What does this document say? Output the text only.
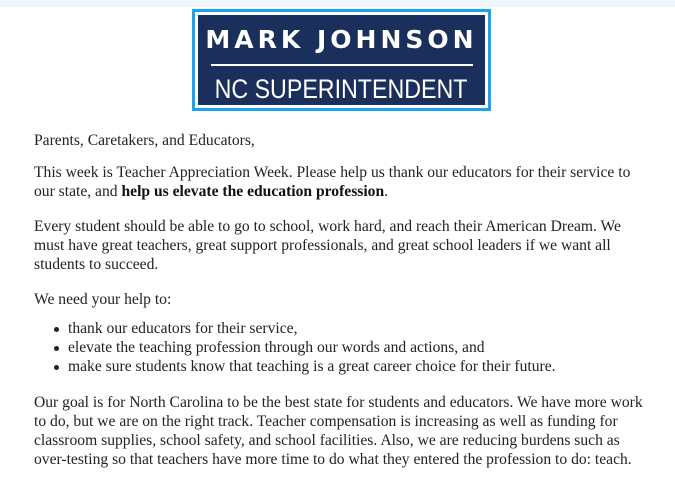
MARK JOHNSON
NC SUPERINTENDENT

Parents, Caretakers, and Educators,

This week is Teacher Appreciation Week. Please help us thank our educators for their service to our state, and help us elevate the education profession.

Every student should be able to go to school, work hard, and reach their American Dream. We must have great teachers, great support professionals, and great school leaders if we want all students to succeed.

We need your help to:

thank our educators for their service,
elevate the teaching profession through our words and actions, and
make sure students know that teaching is a great career choice for their future.

Our goal is for North Carolina to be the best state for students and educators. We have more work to do, but we are on the right track. Teacher compensation is increasing as well as funding for classroom supplies, school safety, and school facilities. Also, we are reducing burdens such as over-testing so that teachers have more time to do what they entered the profession to do: teach.
